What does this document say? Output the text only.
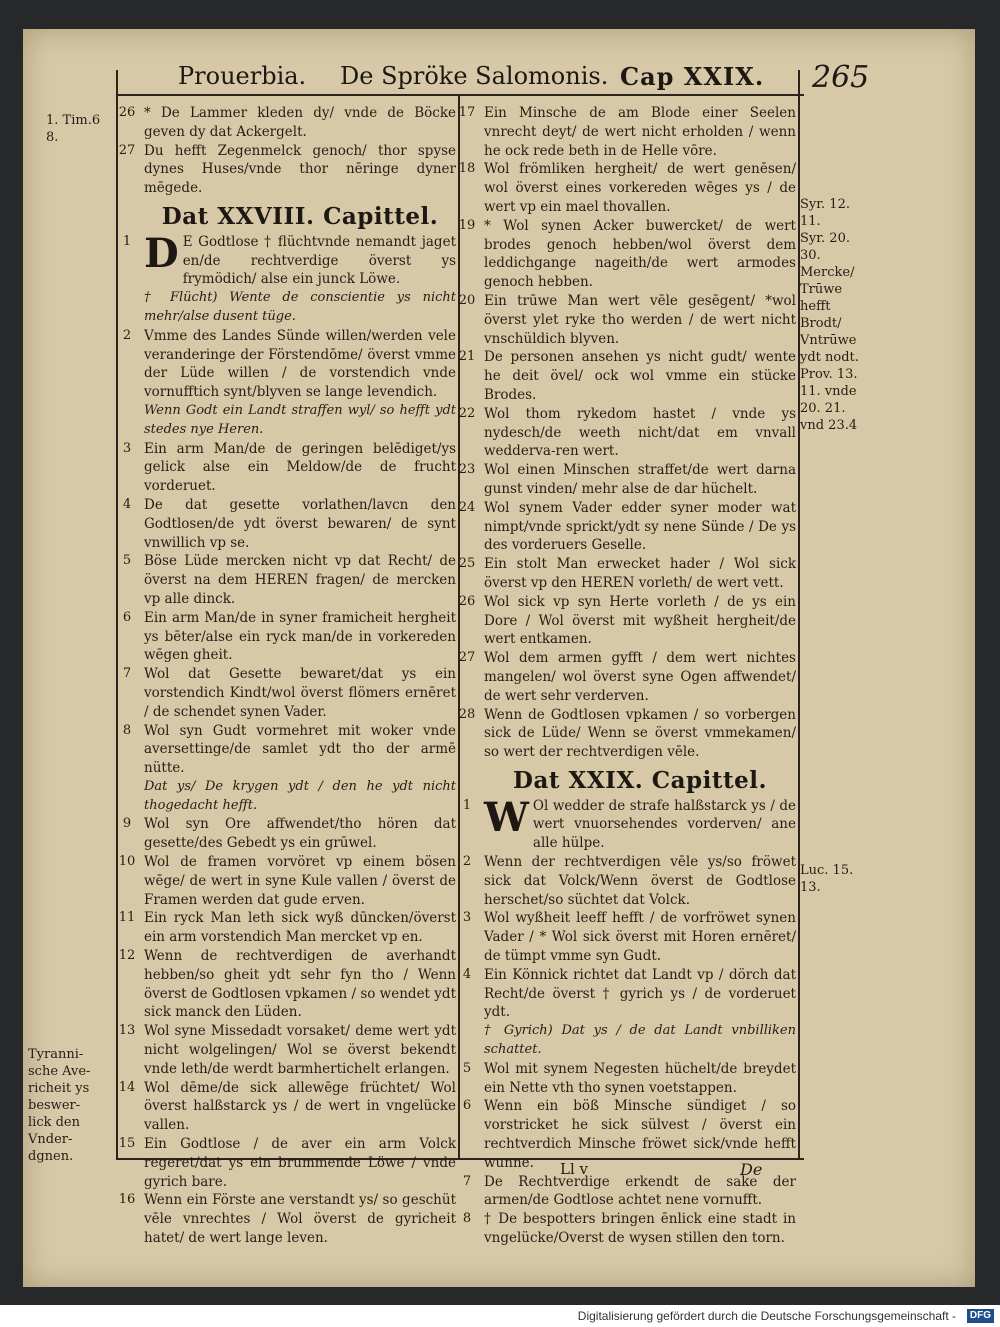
Prouerbia. De Spröke Salomonis. Cap XXIX. 265
26 * De Lammer kleden dy/ vnde de Böcke geven dy dat Ackergelt.
27 Du hefft Zegenmelck genoch/ thor spyse dynes Huses/vnde thor nēringe dyner mēgede.
Dat XXVIII. Capittel.
1 D E Godtlose † flüchtvnde nemandt jaget en/de rechtverdige överst ys frymödich/ alse ein junck Löwe.
† Flücht) Wente de conscientie ys nicht mehr/alse dusent tüge.
2 Vmme des Landes Sünde willen/werden vele veranderinge der Förstendōme/ överst vmme der Lüde willen / de vorstendich vnde vornufftich synt/blyven se lange levendich.
Wenn Godt ein Landt straffen wyl/ so hefft ydt stedes nye Heren.
3 Ein arm Man/de de geringen belēdiget/ys gelick alse ein Meldow/de de frucht vorderuet.
4 De dat gesette vorlathen/lavcn den Godtlosen/de ydt överst bewaren/ de synt vnwillich vp se.
5 Böse Lüde mercken nicht vp dat Recht/ de överst na dem HEREN fragen/ de mercken vp alle dinck.
6 Ein arm Man/de in syner framicheit hergheit ys bēter/alse ein ryck man/de in vorkereden wēgen gheit.
7 Wol dat Gesette bewaret/dat ys ein vorstendich Kindt/wol överst flömers ernēret / de schendet synen Vader.
8 Wol syn Gudt vormehret mit woker vnde aversettinge/de samlet ydt tho der armē nütte.
Dat ys/ De krygen ydt / den he ydt nicht thogedacht hefft.
9 Wol syn Ore affwendet/tho hören dat gesette/des Gebedt ys ein grūwel.
10 Wol de framen vorvöret vp einem bösen wēge/ de wert in syne Kule vallen / överst de Framen werden dat gude erven.
11 Ein ryck Man leth sick wyß dūncken/överst ein arm vorstendich Man mercket vp en.
12 Wenn de rechtverdigen de averhandt hebben/so gheit ydt sehr fyn tho / Wenn överst de Godtlosen vpkamen / so wendet ydt sick manck den Lüden.
13 Wol syne Missedadt vorsaket/ deme wert ydt nicht wolgelingen/ Wol se överst bekendt vnde leth/de werdt barmhertichelt erlangen.
14 Wol dēme/de sick allewēge früchtet/ Wol överst halßstarck ys / de wert in vngelücke vallen.
15 Ein Godtlose / de aver ein arm Volck regeret/dat ys ein brummende Löwe / vnde gyrich bare.
16 Wenn ein Förste ane verstandt ys/ so geschüt vēle vnrechtes / Wol överst de gyricheit hatet/ de wert lange leven.
17 Ein Minsche de am Blode einer Seelen vnrecht deyt/ de wert nicht erholden / wenn he ock rede beth in de Helle vōre.
18 Wol frömliken hergheit/ de wert genēsen/ wol överst eines vorkereden wēges ys / de wert vp ein mael thovallen.
19 * Wol synen Acker buwercket/ de wert brodes genoch hebben/wol överst dem leddichgange nageith/de wert armodes genoch hebben.
20 Ein trūwe Man wert vēle gesēgent/ *wol överst ylet ryke tho werden / de wert nicht vnschüldich blyven.
21 De personen ansehen ys nicht gudt/ wente he deit övel/ ock wol vmme ein stücke Brodes.
22 Wol thom rykedom hastet / vnde ys nydesch/de weeth nicht/dat em vnvall wedderva-ren wert.
23 Wol einen Minschen straffet/de wert darna gunst vinden/ mehr alse de dar hüchelt.
24 Wol synem Vader edder syner moder wat nimpt/vnde sprickt/ydt sy nene Sünde / De ys des vorderuers Geselle.
25 Ein stolt Man erwecket hader / Wol sick överst vp den HEREN vorleth/ de wert vett.
26 Wol sick vp syn Herte vorleth / de ys ein Dore / Wol överst mit wyßheit hergheit/de wert entkamen.
27 Wol dem armen gyfft / dem wert nichtes mangelen/ wol överst syne Ogen affwendet/ de wert sehr verderven.
28 Wenn de Godtlosen vpkamen / so vorbergen sick de Lüde/ Wenn se överst vmmekamen/ so wert der rechtverdigen vēle.
Dat XXIX. Capittel.
1 W Ol wedder de strafe halßstarck ys / de wert vnuorsehendes vorderven/ ane alle hülpe.
2 Wenn der rechtverdigen vēle ys/so fröwet sick dat Volck/Wenn överst de Godtlose herschet/so süchtet dat Volck.
3 Wol wyßheit leeff hefft / de vorfröwet synen Vader / * Wol sick överst mit Horen ernēret/ de tümpt vmme syn Gudt.
4 Ein Könnick richtet dat Landt vp / dörch dat Recht/de överst † gyrich ys / de vorderuet ydt.
† Gyrich) Dat ys / de dat Landt vnbilliken schattet.
5 Wol mit synem Negesten hüchelt/de breydet ein Nette vth tho synen voetstappen.
6 Wenn ein böß Minsche sündiget / so vorstricket he sick sülvest / överst ein rechtverdich Minsche fröwet sick/vnde hefft wunne.
7 De Rechtverdige erkendt de sake der armen/de Godtlose achtet nene vornufft.
8 † De bespotters bringen ēnlick eine stadt in vngelücke/Overst de wysen stillen den torn.
1. Tim.6
8.
Tyranni-
sche Ave-
richeit ys
beswer-
lick den
Vnder-
dgnen.
Syr. 12.
11.
Syr. 20.
30.
Mercke/
Trūwe
hefft
Brodt/
Vntrūwe
ydt nodt.
Prov. 13.
11. vnde
20. 21.
vnd 23.4
Luc. 15.
13.
Ll v	De
Digitalisierung gefördert durch die Deutsche Forschungsgemeinschaft -	DFG
